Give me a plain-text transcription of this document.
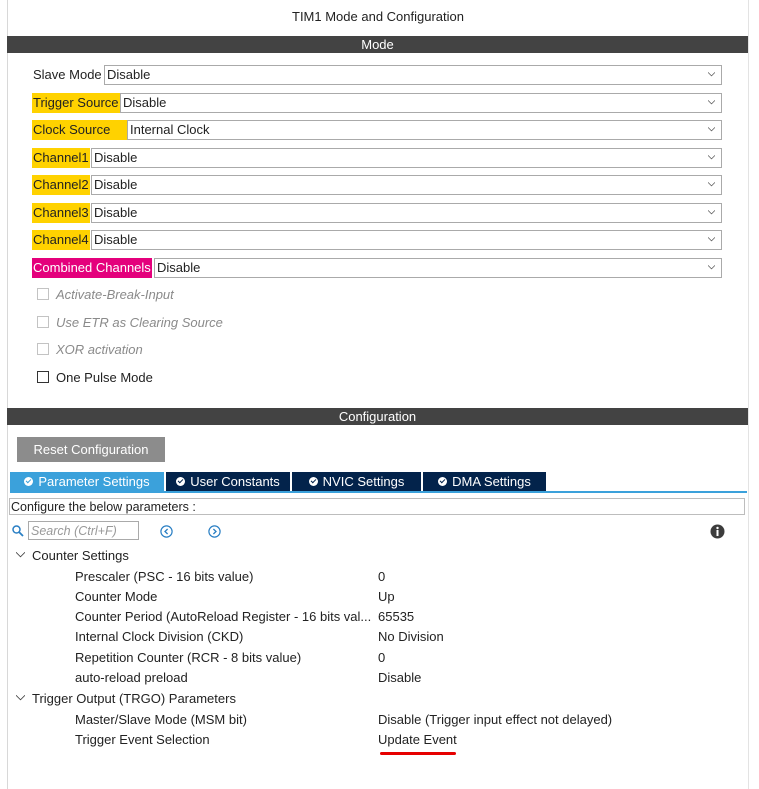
TIM1 Mode and Configuration
Mode
Slave Mode Disable
Trigger Source Disable
Clock Source	Internal Clock
Channel1 Disable
Channel2 Disable
Channel3 Disable
Channel4 Disable
Combined Channels Disable
Activate-Break-Input
Use ETR as Clearing Source
XOR activation
One Pulse Mode
Configuration
Reset Configuration
Parameter Settings	User Constants	NVIC Settings	DMA Settings
Configure the below parameters :
Search (Ctrl+F)
Counter Settings
Prescaler (PSC - 16 bits value)	0
Counter Mode	Up
Counter Period (AutoReload Register - 16 bits val... 65535
Internal Clock Division (CKD)	No Division
Repetition Counter (RCR - 8 bits value)	0
auto-reload preload	Disable
Trigger Output (TRGO) Parameters
Master/Slave Mode (MSM bit)	Disable (Trigger input effect not delayed)
Trigger Event Selection	Update Event
